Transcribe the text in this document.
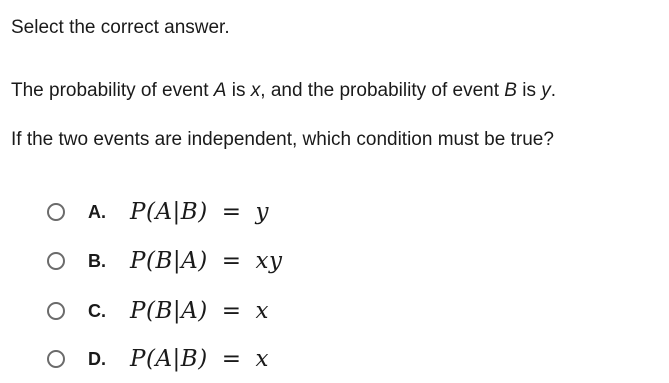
Select the correct answer.
The probability of event A is x, and the probability of event B is y.
If the two events are independent, which condition must be true?
A.	P(A|B) = y
B.	P(B|A) = xy
C.	P(B|A) = x
D.	P(A|B) = x
